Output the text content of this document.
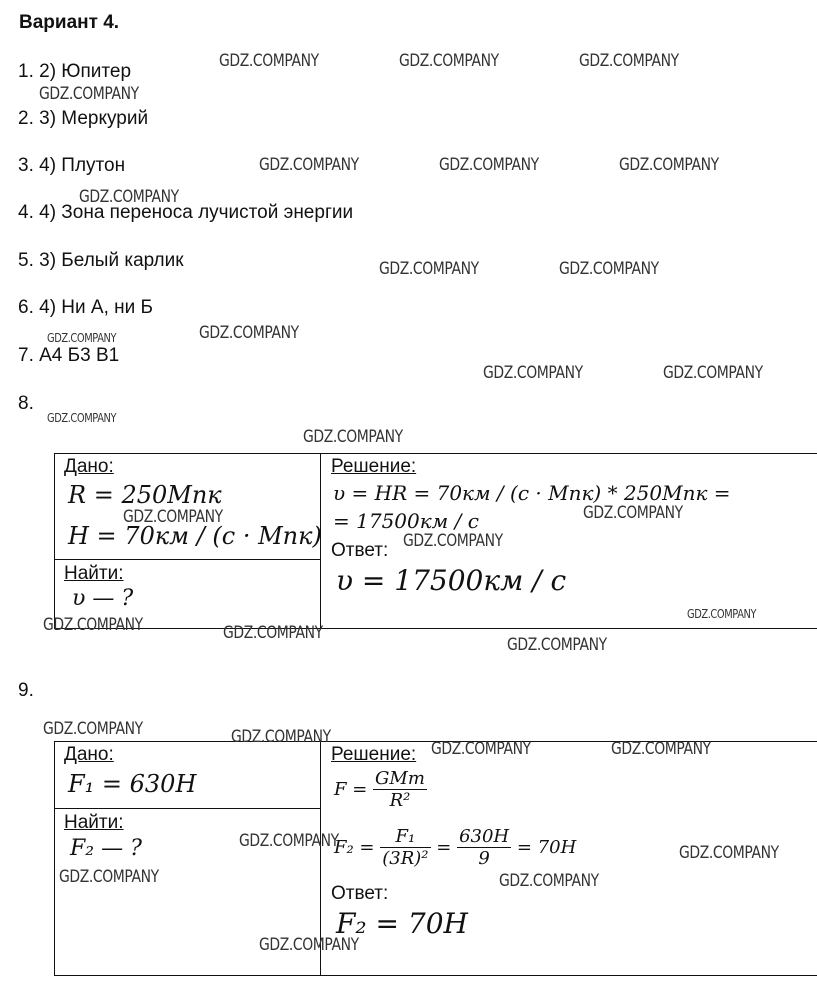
Вариант 4.
1. 2) Юпитер
2. 3) Меркурий
3. 4) Плутон
4. 4) Зона переноса лучистой энергии
5. 3) Белый карлик
6. 4) Ни А, ни Б
7. А4 Б3 В1
8.
9.
Дано:
R = 250Mпк
H = 70км / (c · Mпк)
Найти:
υ — ?
Решение:
υ = HR = 70км / (c · Mпк) * 250Mпк =
= 17500км / c
Ответ:
υ = 17500км / c
Дано:
F₁ = 630H
Найти:
F₂ — ?
Решение:
$F = \frac{\text{GMm}}{\text{R²}}$
$F_2 = \frac{\text{F₁}}{\text{(3R)²}} = \frac{630H}{9} = 70H$
Ответ:
F₂ = 70H
GDZ.COMPANY	GDZ.COMPANY	GDZ.COMPANY
GDZ.COMPANY
GDZ.COMPANY	GDZ.COMPANY	GDZ.COMPANY
GDZ.COMPANY
GDZ.COMPANY	GDZ.COMPANY
GDZ.COMPANY	GDZ.COMPANY
GDZ.COMPANY	GDZ.COMPANY
GDZ.COMPANY
GDZ.COMPANY
GDZ.COMPANY	GDZ.COMPANY
GDZ.COMPANY
GDZ.COMPANY
GDZ.COMPANY	GDZ.COMPANY
GDZ.COMPANY
GDZ.COMPANY	GDZ.COMPANY
GDZ.COMPANY	GDZ.COMPANY
GDZ.COMPANY
GDZ.COMPANY
GDZ.COMPANY	GDZ.COMPANY
GDZ.COMPANY
